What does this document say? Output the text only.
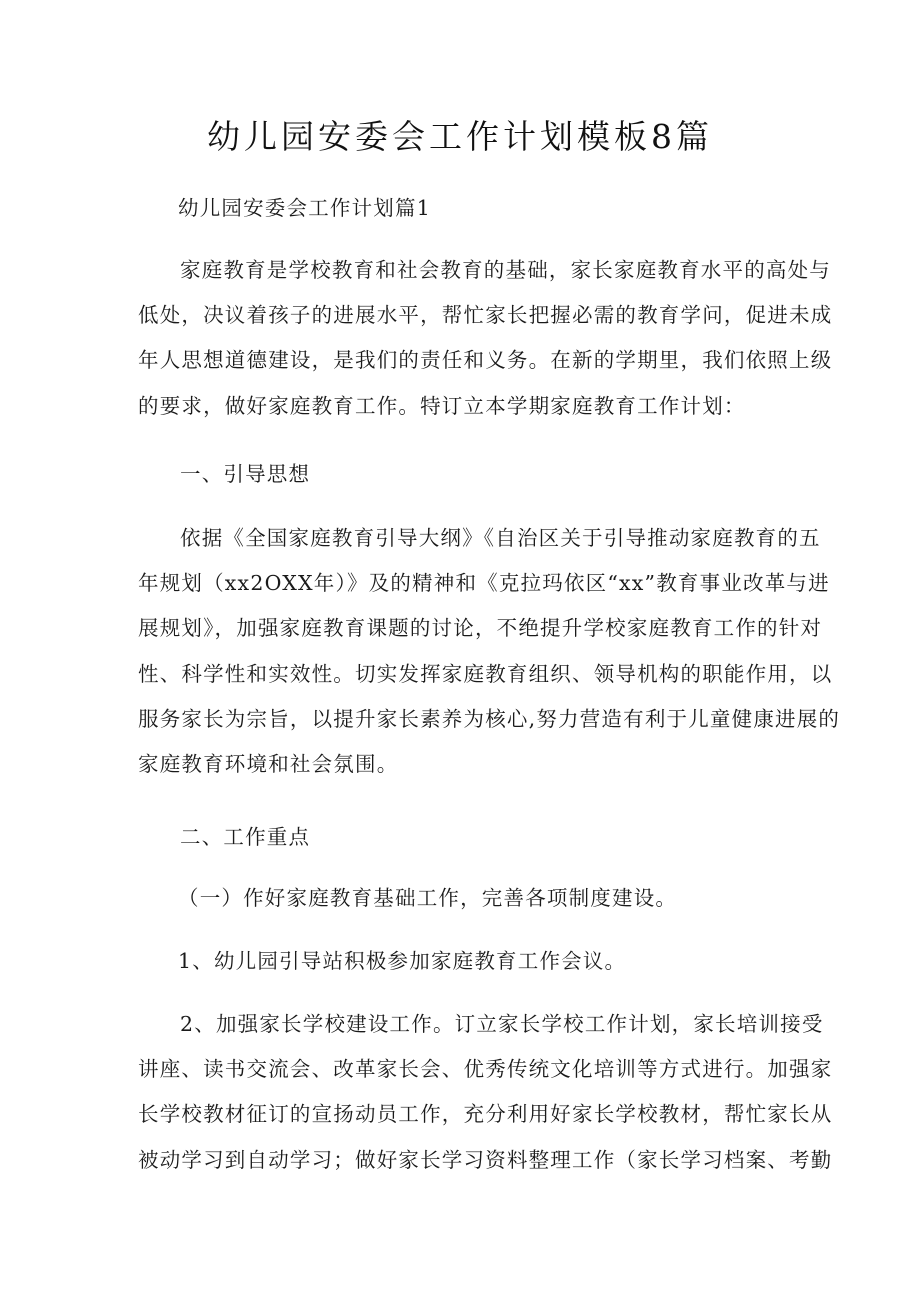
幼儿园安委会工作计划模板8篇

幼儿园安委会工作计划篇1

家庭教育是学校教育和社会教育的基础，家长家庭教育水平的高处与

低处，决议着孩子的进展水平，帮忙家长把握必需的教育学问，促进未成

年人思想道德建设，是我们的责任和义务。在新的学期里，我们依照上级

的要求，做好家庭教育工作。特订立本学期家庭教育工作计划：

一、引导思想

依据《全国家庭教育引导大纲》《自治区关于引导推动家庭教育的五

年规划（xx2OXX年）》及的精神和《克拉玛依区“xx”教育事业改革与进

展规划》，加强家庭教育课题的讨论，不绝提升学校家庭教育工作的针对

性、科学性和实效性。切实发挥家庭教育组织、领导机构的职能作用，以

服务家长为宗旨，以提升家长素养为核心,努力营造有利于儿童健康进展的

家庭教育环境和社会氛围。

二、工作重点

（一）作好家庭教育基础工作，完善各项制度建设。

1、幼儿园引导站积极参加家庭教育工作会议。

2、加强家长学校建设工作。订立家长学校工作计划，家长培训接受

讲座、读书交流会、改革家长会、优秀传统文化培训等方式进行。加强家

长学校教材征订的宣扬动员工作，充分利用好家长学校教材，帮忙家长从

被动学习到自动学习；做好家长学习资料整理工作（家长学习档案、考勤
